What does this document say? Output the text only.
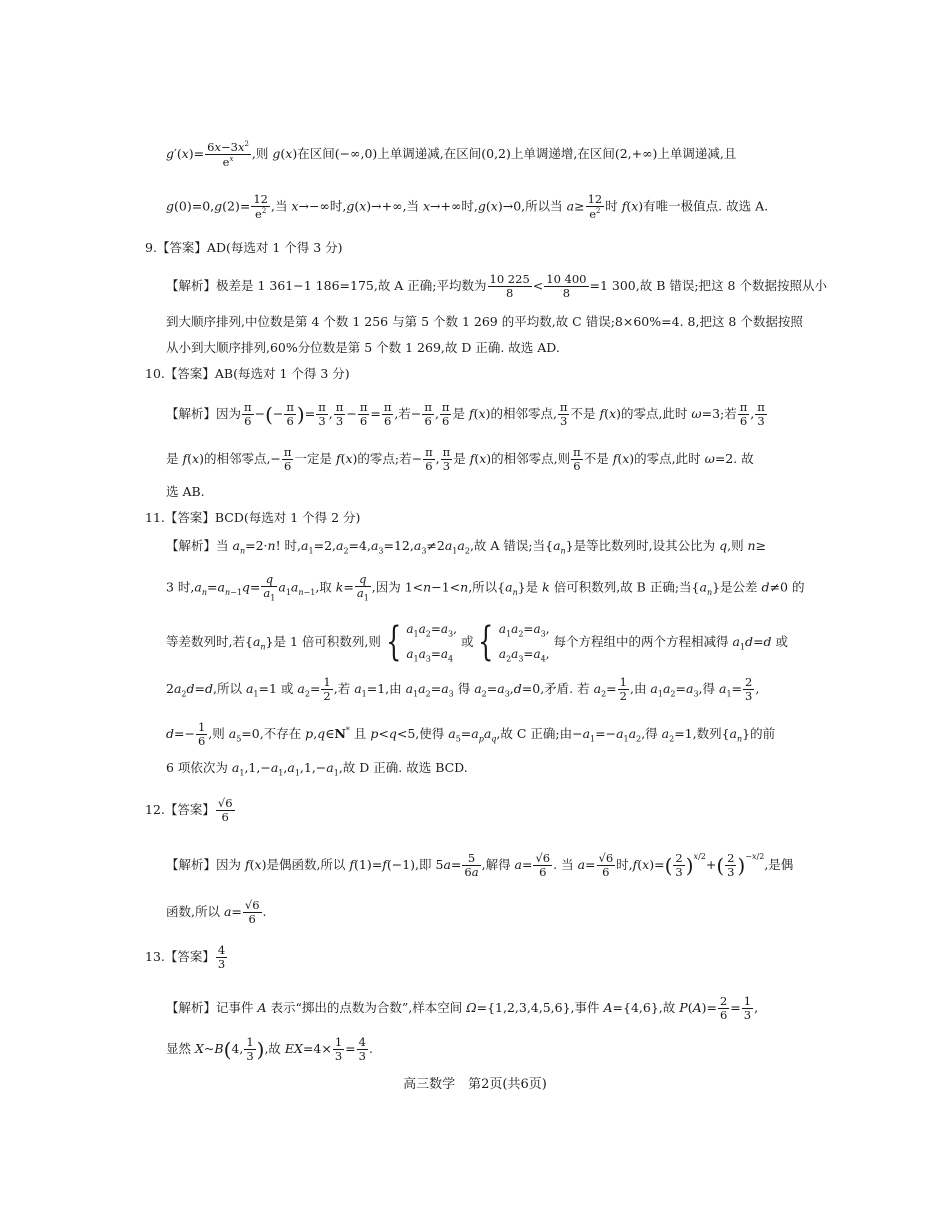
$g'(x)= \frac{6x-3x^2}{e^x}$ ,则 g(x)在区间(−∞,0)上单调递减,在区间(0,2)上单调递增,在区间(2,+∞)上单调递减,且
$g(0)=0,g(2)= \frac{12}{e^2}$ ,当 x→−∞时,g(x)→+∞,当 x→+∞时,g(x)→0,所以当 $a\ge \frac{12}{e^2}$ 时 f(x)有唯一极值点. 故选 A.
9.【答案】AD(每选对 1 个得 3 分)
【解析】极差是 1 361−1 186=175,故 A 正确;平均数为 $\frac{10 225}{8} < \frac{10 400}{8} =1$ 300,故 B 错误;把这 8 个数据按照从小
到大顺序排列,中位数是第 4 个数 1 256 与第 5 个数 1 269 的平均数,故 C 错误;8×60%=4. 8,把这 8 个数据按照
从小到大顺序排列,60%分位数是第 5 个数 1 269,故 D 正确. 故选 AD.
10.【答案】AB(每选对 1 个得 3 分)
【解析】因为 $\frac{\pi}{6}$ −(− $\frac{\pi}{6}$ )= $\frac{\pi}{3}$ , $\frac{\pi}{3} - \frac{\pi}{6} = \frac{\pi}{6}$ ,若− $\frac{\pi}{6}$ , $\frac{\pi}{6}$ 是 f(x)的相邻零点, $\frac{\pi}{3}$ 不是 f(x)的零点,此时 ω=3;若 $\frac{\pi}{6}$ , $\frac{\pi}{3}$
是 f(x)的相邻零点,− $\frac{\pi}{6}$ 一定是 f(x)的零点;若− $\frac{\pi}{6}$ , $\frac{\pi}{3}$ 是 f(x)的相邻零点,则 $\frac{\pi}{6}$ 不是 f(x)的零点,此时 ω=2. 故
选 AB.
11.【答案】BCD(每选对 1 个得 2 分)
【解析】当 $a_n=2\cdot n$! 时$,a_1=2,a_2=4,a_3=12,a_3\ne 2a_1a_2$,故 A 错误;当$\{a_n\}$是等比数列时,设其公比为 q,则 n≥
3 时$,a_n=a_{n-1}q= \frac{q}{a_1} a_1a_{n-1}$,取 $k= \frac{q}{a_1}$ ,因为 1<n−1<n,所以$\{a_n\}$是 k 倍可积数列,故 B 正确;当$\{a_n\}$是公差 d≠0 的
等差数列时,若$\{a_n\}$是 1 倍可积数列,则 { $a_1a_2=a_3$,
$a_1a_3=a_4$ 或 { $a_1a_2=a_3$,
$a_2a_3=a_4$, 每个方程组中的两个方程相减得 $a_1d=d$ 或
$2a_2d=d$,所以 $a_1=1$ 或 $a_2= \frac{1}{2}$ ,若 $a_1=1$,由 $a_1a_2=a_3$ 得 $a_2=a_3,d=0$,矛盾. 若 $a_2= \frac{1}{2}$ ,由 $a_1a_2=a_3$,得 $a_1= \frac{2}{3}$ ,
$d=- \frac{1}{6}$ ,则 $a_5=0$,不存在 p,q∈N* 且 p<q<5,使得 $a_5=a_pa_q$,故 C 正确;由$-a_1=-a_1a_2$,得 $a_2=1$,数列$\{a_n\}$的前
6 项依次为 $a_1,1,-a_1,a_1,1,-a_1$,故 D 正确. 故选 BCD.
12.【答案】 $\frac{√6}{6}$
【解析】因为 f(x)是偶函数,所以 f(1)=f(−1),即 $5a= \frac{5}{6a}$ ,解得 $a= \frac{√6}{6}$ . 当 $a= \frac{√6}{6}$ 时$,f(x)=( \frac{2}{3} )^{x/2}+( \frac{2}{3} )^{-x/2}$,是偶
函数,所以 $a= \frac{√6}{6}$ .
13.【答案】 $\frac{4}{3}$
【解析】记事件 A 表示“掷出的点数为合数”,样本空间 Ω={1,2,3,4,5,6},事件 A={4,6},故 $P(A)= \frac{2}{6} = \frac{1}{3}$ ,
显然 X~B(4, $\frac{1}{3}$ ),故 $EX=4\times \frac{1}{3} = \frac{4}{3}$ .
高三数学　第2页(共6页)
